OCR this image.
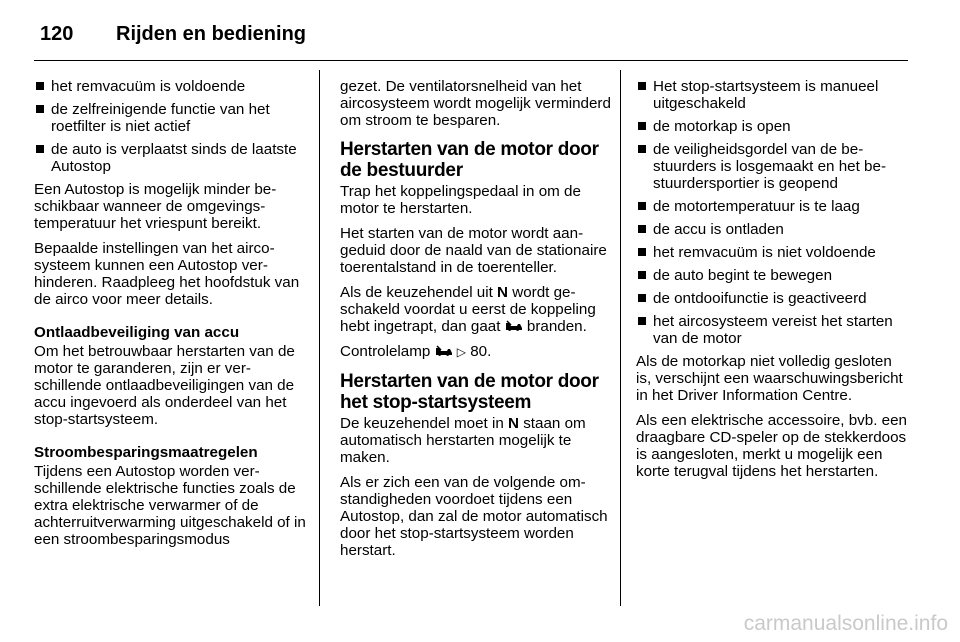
120	Rijden en bediening
het remvacuüm is voldoende
de zelfreinigende functie van het roetfilter is niet actief
de auto is verplaatst sinds de laatste Autostop

Een Autostop is mogelijk minder beschikbaar wanneer de omgevingstemperatuur het vriespunt bereikt.

Bepaalde instellingen van het aircosysteem kunnen een Autostop verhinderen. Raadpleeg het hoofdstuk van de airco voor meer details.

Ontlaadbeveiliging van accu

Om het betrouwbaar herstarten van de motor te garanderen, zijn er verschillende ontlaadbeveiligingen van de accu ingevoerd als onderdeel van het stop-startsysteem.

Stroombesparingsmaatregelen

Tijdens een Autostop worden verschillende elektrische functies zoals de extra elektrische verwarmer of de achterruitverwarming uitgeschakeld of in een stroombesparingsmodus

gezet. De ventilatorsnelheid van het aircosysteem wordt mogelijk verminderd om stroom te besparen.

Herstarten van de motor door de bestuurder

Trap het koppelingspedaal in om de motor te herstarten.

Het starten van de motor wordt aangeduid door de naald van de stationaire toerentalstand in de toerenteller.

Als de keuzehendel uit N wordt geschakeld voordat u eerst de koppeling hebt ingetrapt, dan gaat  branden.

Controlelamp  ▷ 80.

Herstarten van de motor door het stop-startsysteem

De keuzehendel moet in N staan om automatisch herstarten mogelijk te maken.

Als er zich een van de volgende omstandigheden voordoet tijdens een Autostop, dan zal de motor automatisch door het stop-startsysteem worden herstart.

Het stop-startsysteem is manueel uitgeschakeld
de motorkap is open
de veiligheidsgordel van de bestuurders is losgemaakt en het bestuurdersportier is geopend
de motortemperatuur is te laag
de accu is ontladen
het remvacuüm is niet voldoende
de auto begint te bewegen
de ontdooifunctie is geactiveerd
het aircosysteem vereist het starten van de motor

Als de motorkap niet volledig gesloten is, verschijnt een waarschuwingsbericht in het Driver Information Centre.

Als een elektrische accessoire, bvb. een draagbare CD-speler op de stekkerdoos is aangesloten, merkt u mogelijk een korte terugval tijdens het herstarten.

carmanualsonline.info
